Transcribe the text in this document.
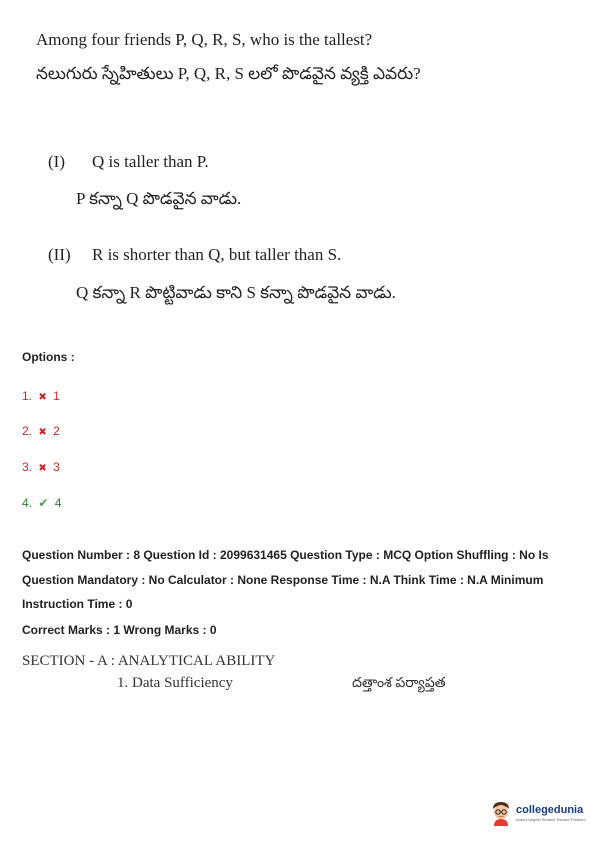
Among four friends P, Q, R, S, who is the tallest?
నలుగురు స్నేహితులు P, Q, R, S లలో పొడవైన వ్యక్తి ఎవరు?
(I) Q is taller than P.
P కన్నా Q పొడవైన వాడు.
(II) R is shorter than Q, but taller than S.
Q కన్నా R పొట్టివాడు కాని S కన్నా పొడవైన వాడు.
Options :
1. ✖ 1
2. ✖ 2
3. ✖ 3
4. ✔ 4
Question Number : 8 Question Id : 2099631465 Question Type : MCQ Option Shuffling : No Is
Question Mandatory : No Calculator : None Response Time : N.A Think Time : N.A Minimum
Instruction Time : 0
Correct Marks : 1 Wrong Marks : 0
SECTION - A : ANALYTICAL ABILITY
1. Data Sufficiency	దత్తాంశ పర్యాప్తత
collegedunia
India's largest Student Review Platform
